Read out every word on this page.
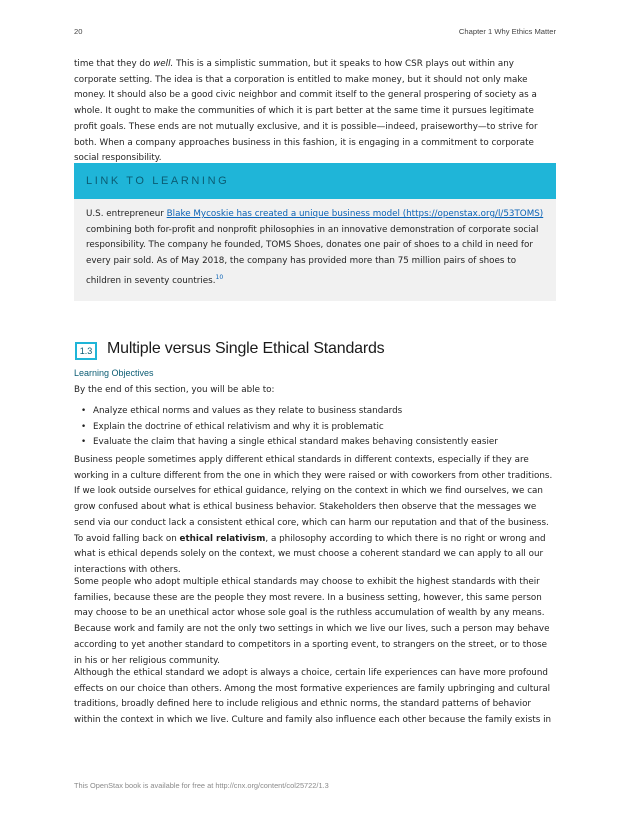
20	Chapter 1 Why Ethics Matter

time that they do well. This is a simplistic summation, but it speaks to how CSR plays out within any corporate setting. The idea is that a corporation is entitled to make money, but it should not only make money. It should also be a good civic neighbor and commit itself to the general prospering of society as a whole. It ought to make the communities of which it is part better at the same time it pursues legitimate profit goals. These ends are not mutually exclusive, and it is possible—indeed, praiseworthy—to strive for both. When a company approaches business in this fashion, it is engaging in a commitment to corporate social responsibility.

LINK TO LEARNING

U.S. entrepreneur Blake Mycoskie has created a unique business model (https://openstax.org/l/53TOMS) combining both for-profit and nonprofit philosophies in an innovative demonstration of corporate social responsibility. The company he founded, TOMS Shoes, donates one pair of shoes to a child in need for every pair sold. As of May 2018, the company has provided more than 75 million pairs of shoes to children in seventy countries.$^{10}$

1.3 Multiple versus Single Ethical Standards
Learning Objectives

By the end of this section, you will be able to:

• Analyze ethical norms and values as they relate to business standards
• Explain the doctrine of ethical relativism and why it is problematic
• Evaluate the claim that having a single ethical standard makes behaving consistently easier

Business people sometimes apply different ethical standards in different contexts, especially if they are working in a culture different from the one in which they were raised or with coworkers from other traditions. If we look outside ourselves for ethical guidance, relying on the context in which we find ourselves, we can grow confused about what is ethical business behavior. Stakeholders then observe that the messages we send via our conduct lack a consistent ethical core, which can harm our reputation and that of the business. To avoid falling back on ethical relativism, a philosophy according to which there is no right or wrong and what is ethical depends solely on the context, we must choose a coherent standard we can apply to all our interactions with others.

Some people who adopt multiple ethical standards may choose to exhibit the highest standards with their families, because these are the people they most revere. In a business setting, however, this same person may choose to be an unethical actor whose sole goal is the ruthless accumulation of wealth by any means. Because work and family are not the only two settings in which we live our lives, such a person may behave according to yet another standard to competitors in a sporting event, to strangers on the street, or to those in his or her religious community.

Although the ethical standard we adopt is always a choice, certain life experiences can have more profound effects on our choice than others. Among the most formative experiences are family upbringing and cultural traditions, broadly defined here to include religious and ethnic norms, the standard patterns of behavior within the context in which we live. Culture and family also influence each other because the family exists in

This OpenStax book is available for free at http://cnx.org/content/col25722/1.3
